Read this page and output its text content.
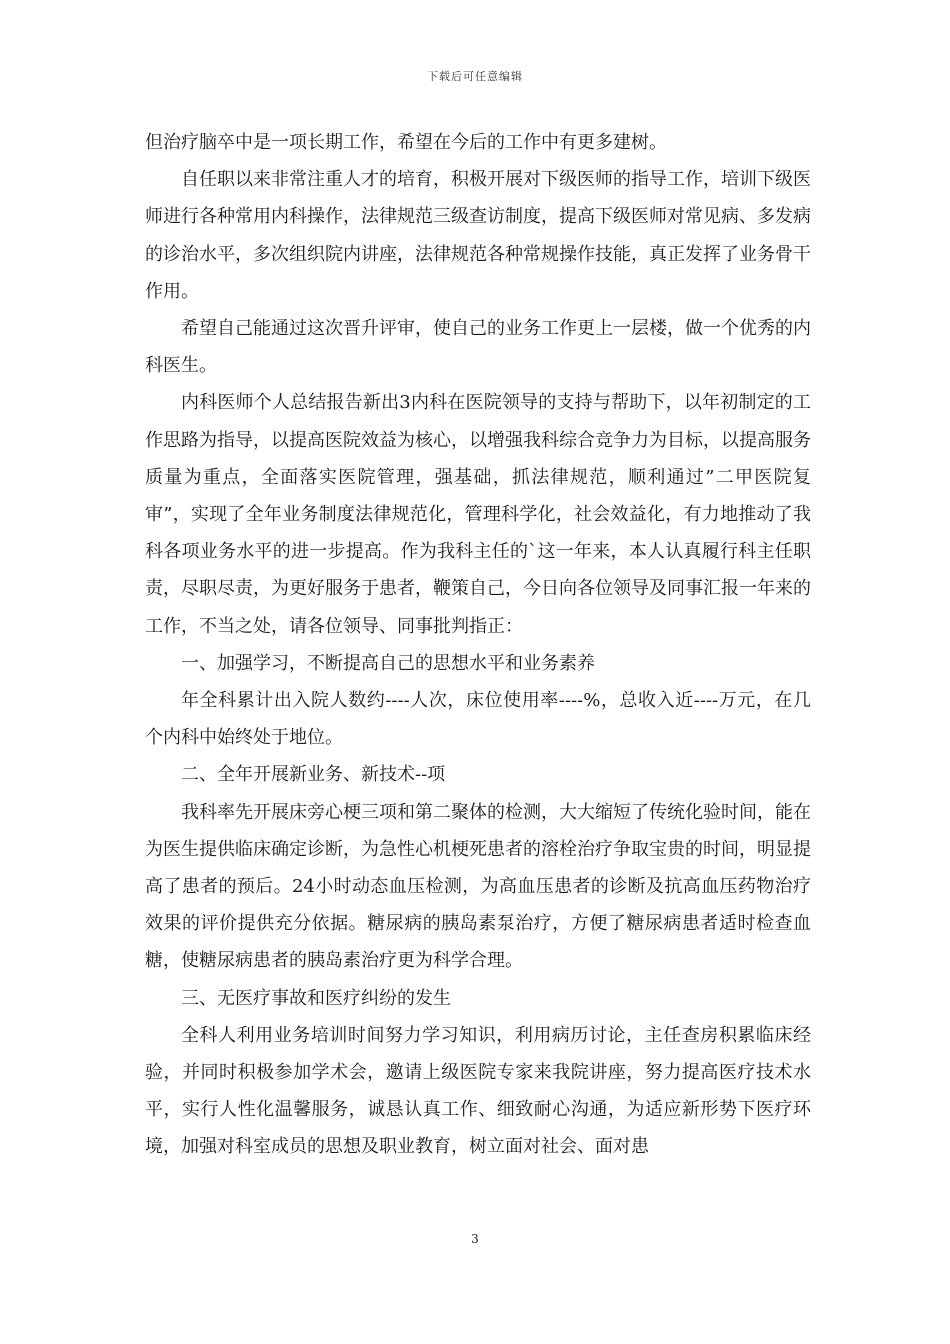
下载后可任意编辑

但治疗脑卒中是一项长期工作，希望在今后的工作中有更多建树。

自任职以来非常注重人才的培育，积极开展对下级医师的指导工作，培训下级医师进行各种常用内科操作，法律规范三级查访制度，提高下级医师对常见病、多发病的诊治水平，多次组织院内讲座，法律规范各种常规操作技能，真正发挥了业务骨干作用。

希望自己能通过这次晋升评审，使自己的业务工作更上一层楼，做一个优秀的内科医生。

内科医师个人总结报告新出3内科在医院领导的支持与帮助下，以年初制定的工作思路为指导，以提高医院效益为核心，以增强我科综合竞争力为目标，以提高服务质量为重点，全面落实医院管理，强基础，抓法律规范，顺利通过”二甲医院复审”，实现了全年业务制度法律规范化，管理科学化，社会效益化，有力地推动了我科各项业务水平的进一步提高。作为我科主任的`这一年来，本人认真履行科主任职责，尽职尽责，为更好服务于患者，鞭策自己，今日向各位领导及同事汇报一年来的工作，不当之处，请各位领导、同事批判指正：

一、加强学习，不断提高自己的思想水平和业务素养

年全科累计出入院人数约----人次，床位使用率----%，总收入近----万元，在几个内科中始终处于地位。

二、全年开展新业务、新技术--项

我科率先开展床旁心梗三项和第二聚体的检测，大大缩短了传统化验时间，能在为医生提供临床确定诊断，为急性心机梗死患者的溶栓治疗争取宝贵的时间，明显提高了患者的预后。24小时动态血压检测，为高血压患者的诊断及抗高血压药物治疗效果的评价提供充分依据。糖尿病的胰岛素泵治疗，方便了糖尿病患者适时检查血糖，使糖尿病患者的胰岛素治疗更为科学合理。

三、无医疗事故和医疗纠纷的发生

全科人利用业务培训时间努力学习知识，利用病历讨论，主任查房积累临床经验，并同时积极参加学术会，邀请上级医院专家来我院讲座，努力提高医疗技术水平，实行人性化温馨服务，诚恳认真工作、细致耐心沟通，为适应新形势下医疗环境，加强对科室成员的思想及职业教育，树立面对社会、面对患

3
